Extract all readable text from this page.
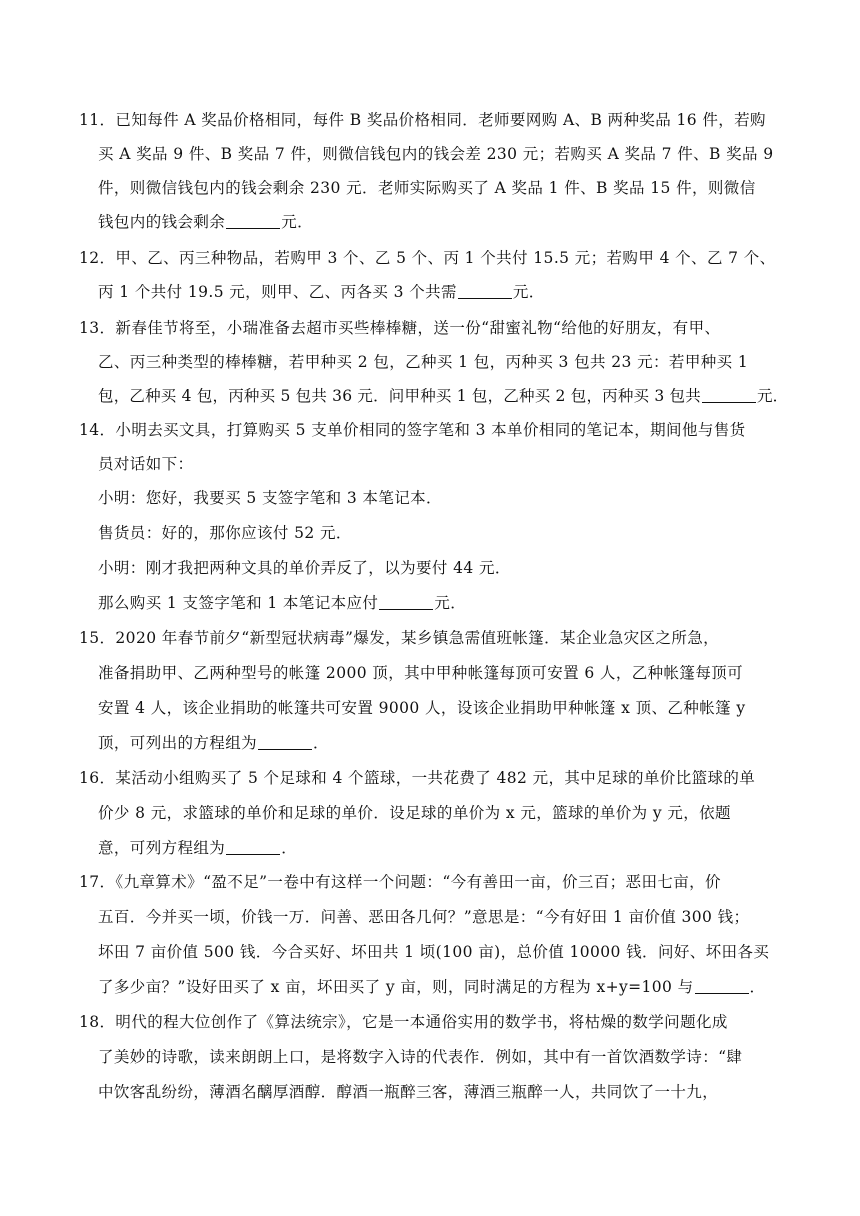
11．已知每件 A 奖品价格相同，每件 B 奖品价格相同．老师要网购 A、B 两种奖品 16 件，若购
买 A 奖品 9 件、B 奖品 7 件，则微信钱包内的钱会差 230 元；若购买 A 奖品 7 件、B 奖品 9
件，则微信钱包内的钱会剩余 230 元．老师实际购买了 A 奖品 1 件、B 奖品 15 件，则微信
钱包内的钱会剩余	元．
12．甲、乙、丙三种物品，若购甲 3 个、乙 5 个、丙 1 个共付 15.5 元；若购甲 4 个、乙 7 个、
丙 1 个共付 19.5 元，则甲、乙、丙各买 3 个共需	元．
13．新春佳节将至，小瑞准备去超市买些棒棒糖，送一份“甜蜜礼物“给他的好朋友，有甲、
乙、丙三种类型的棒棒糖，若甲种买 2 包，乙种买 1 包，丙种买 3 包共 23 元：若甲种买 1
包，乙种买 4 包，丙种买 5 包共 36 元．问甲种买 1 包，乙种买 2 包，丙种买 3 包共	元．
14．小明去买文具，打算购买 5 支单价相同的签字笔和 3 本单价相同的笔记本，期间他与售货
员对话如下：
小明：您好，我要买 5 支签字笔和 3 本笔记本．
售货员：好的，那你应该付 52 元．
小明：刚才我把两种文具的单价弄反了，以为要付 44 元．
那么购买 1 支签字笔和 1 本笔记本应付	元．
15．2020 年春节前夕“新型冠状病毒”爆发，某乡镇急需值班帐篷．某企业急灾区之所急，
准备捐助甲、乙两种型号的帐篷 2000 顶，其中甲种帐篷每顶可安置 6 人，乙种帐篷每顶可
安置 4 人，该企业捐助的帐篷共可安置 9000 人，设该企业捐助甲种帐篷 x 顶、乙种帐篷 y
顶，可列出的方程组为	．
16．某活动小组购买了 5 个足球和 4 个篮球，一共花费了 482 元，其中足球的单价比篮球的单
价少 8 元，求篮球的单价和足球的单价．设足球的单价为 x 元，篮球的单价为 y 元，依题
意，可列方程组为	．
17．《九章算术》“盈不足”一卷中有这样一个问题：“今有善田一亩，价三百；恶田七亩，价
五百．今并买一顷，价钱一万．问善、恶田各几何？”意思是：“今有好田 1 亩价值 300 钱；
坏田 7 亩价值 500 钱．今合买好、坏田共 1 顷(100 亩)，总价值 10000 钱．问好、坏田各买
了多少亩？”设好田买了 x 亩，坏田买了 y 亩，则，同时满足的方程为 x+y=100 与	．
18．明代的程大位创作了《算法统宗》，它是一本通俗实用的数学书，将枯燥的数学问题化成
了美妙的诗歌，读来朗朗上口，是将数字入诗的代表作．例如，其中有一首饮酒数学诗：“肆
中饮客乱纷纷，薄酒名醨厚酒醇．醇酒一瓶醉三客，薄酒三瓶醉一人，共同饮了一十九，
